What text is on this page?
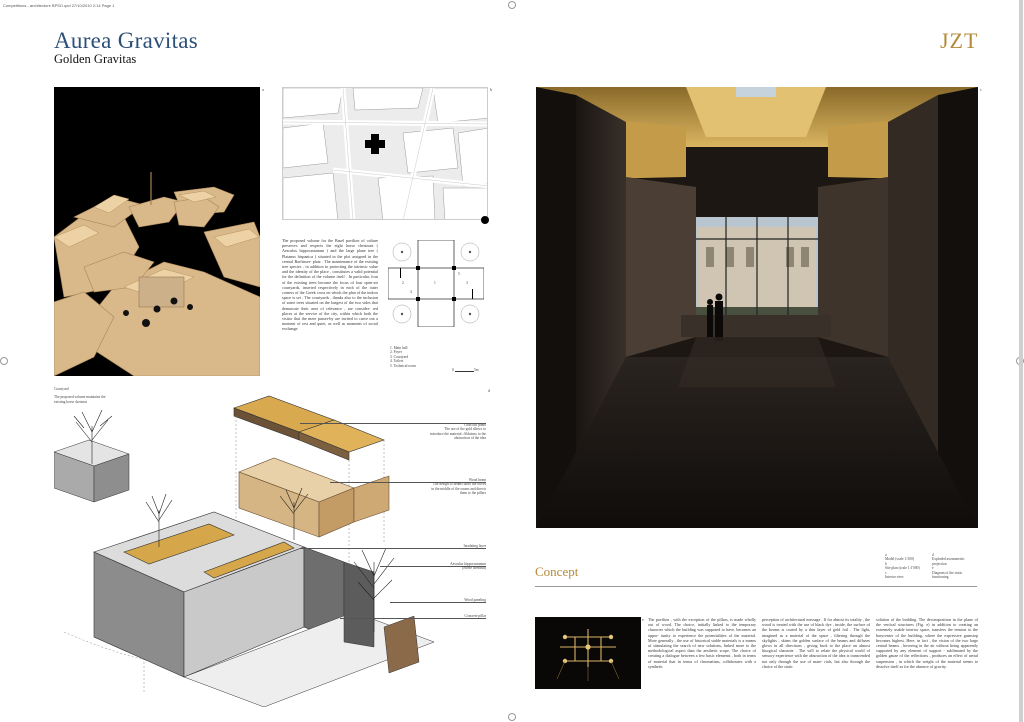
Competitions - architecture BPSO.qxd 27/10/2010 2:14 Page 1
Aurea Gravitas
Golden Gravitas
JZT
a	b
The proposed volume for the Basel pavilion of culture preserves and respects the eight horse chestnuts ( Aesculus hippocastanum ) and the large plane tree ( Platanus hispanica ) situated in the plot assigned in the central Barfüsser- platz . The maintenance of the existing tree species , in addition to protecting the intrinsic value and the identity of the place , constitutes a valid potential for the definition of the volume itself . In particular, four of the existing trees become the focus of four open-air courtyards, inserted respectively in each of the outer corners of the Greek cross on which the plan of the indoor space is set . The courtyards , thanks also to the inclusion of some trees situated on the longest of the two sides that demarcate their area of relevance , are consider- red places at the service of the city, within which both the visitor that the mere passer-by are invited to carve out a moment of rest and quiet, as well as moments of social exchange.
1
2	3
4
5
1. Main hall
2. Foyer
3. Courtyard
4. Toilets
5. Technical room
0	5m
d
Courtyard
The proposed volume maintains the existing horse chestnut
Gold foil panel
The use of the gold allows to introduce the material ‹Aldaism› to the abstraction of the idea
Wood beam
The design of beams takes the forces in the middle of the rooms and directs them to the pillars
Insulating layer
Aesculus hippocastanum
(Horse chestnut)
Wood paneling
Concrete pillar
c
Concept
a
Model (scale 1:500)
b
Site plan (scale 1:1'000)
c
Interior view
d
Exploded axonometric projection
e
Diagram of the static functioning
e The pavilion , with the exception of the pillars, is made wholly out of wood. The choice, initially linked to the temporary character which the building was supposed to have, becomes an oppor- tunity to experience the potentialities of the material. More generally , the use of historical stable materials is a means of stimulating the search of new solutions, linked more to the methodological aspect than the aesthetic scope. The choice of creating a dialogue between a few basic elements , both in terms of material that in terms of chromatism, collaborates with a synthetic
perception of architectural message . If for almost its totality , the wood is treated with the use of black dye , inside, the surface of the beams is coated by a thin layer of gold foil . The light, imagined as a material of the space , filtering through the skylights , skims the golden surface of the beams and diffuses glows in all directions , giving back to the place an almost liturgical character . The will to relate the physical world of sensory experience with the abstraction of the idea is transcended not only through the use of mate- rials, but also through the choice of the static
solution of the building. The decomposition in the plane of the vertical structures (Fig. e) in addition to creating an extremely usable interior space, transfers the tension to the barycenter of the building, where the expressive gumstop becomes highest. Here, in fact , the vision of the two large central beams , hovering in the air without being apparently supported by any element of support - sublimated by the golden gauze of the reflections , produces an effect of aerial suspension , in which the weight of the material seems to dissolve itself as for the absence of gravity.
